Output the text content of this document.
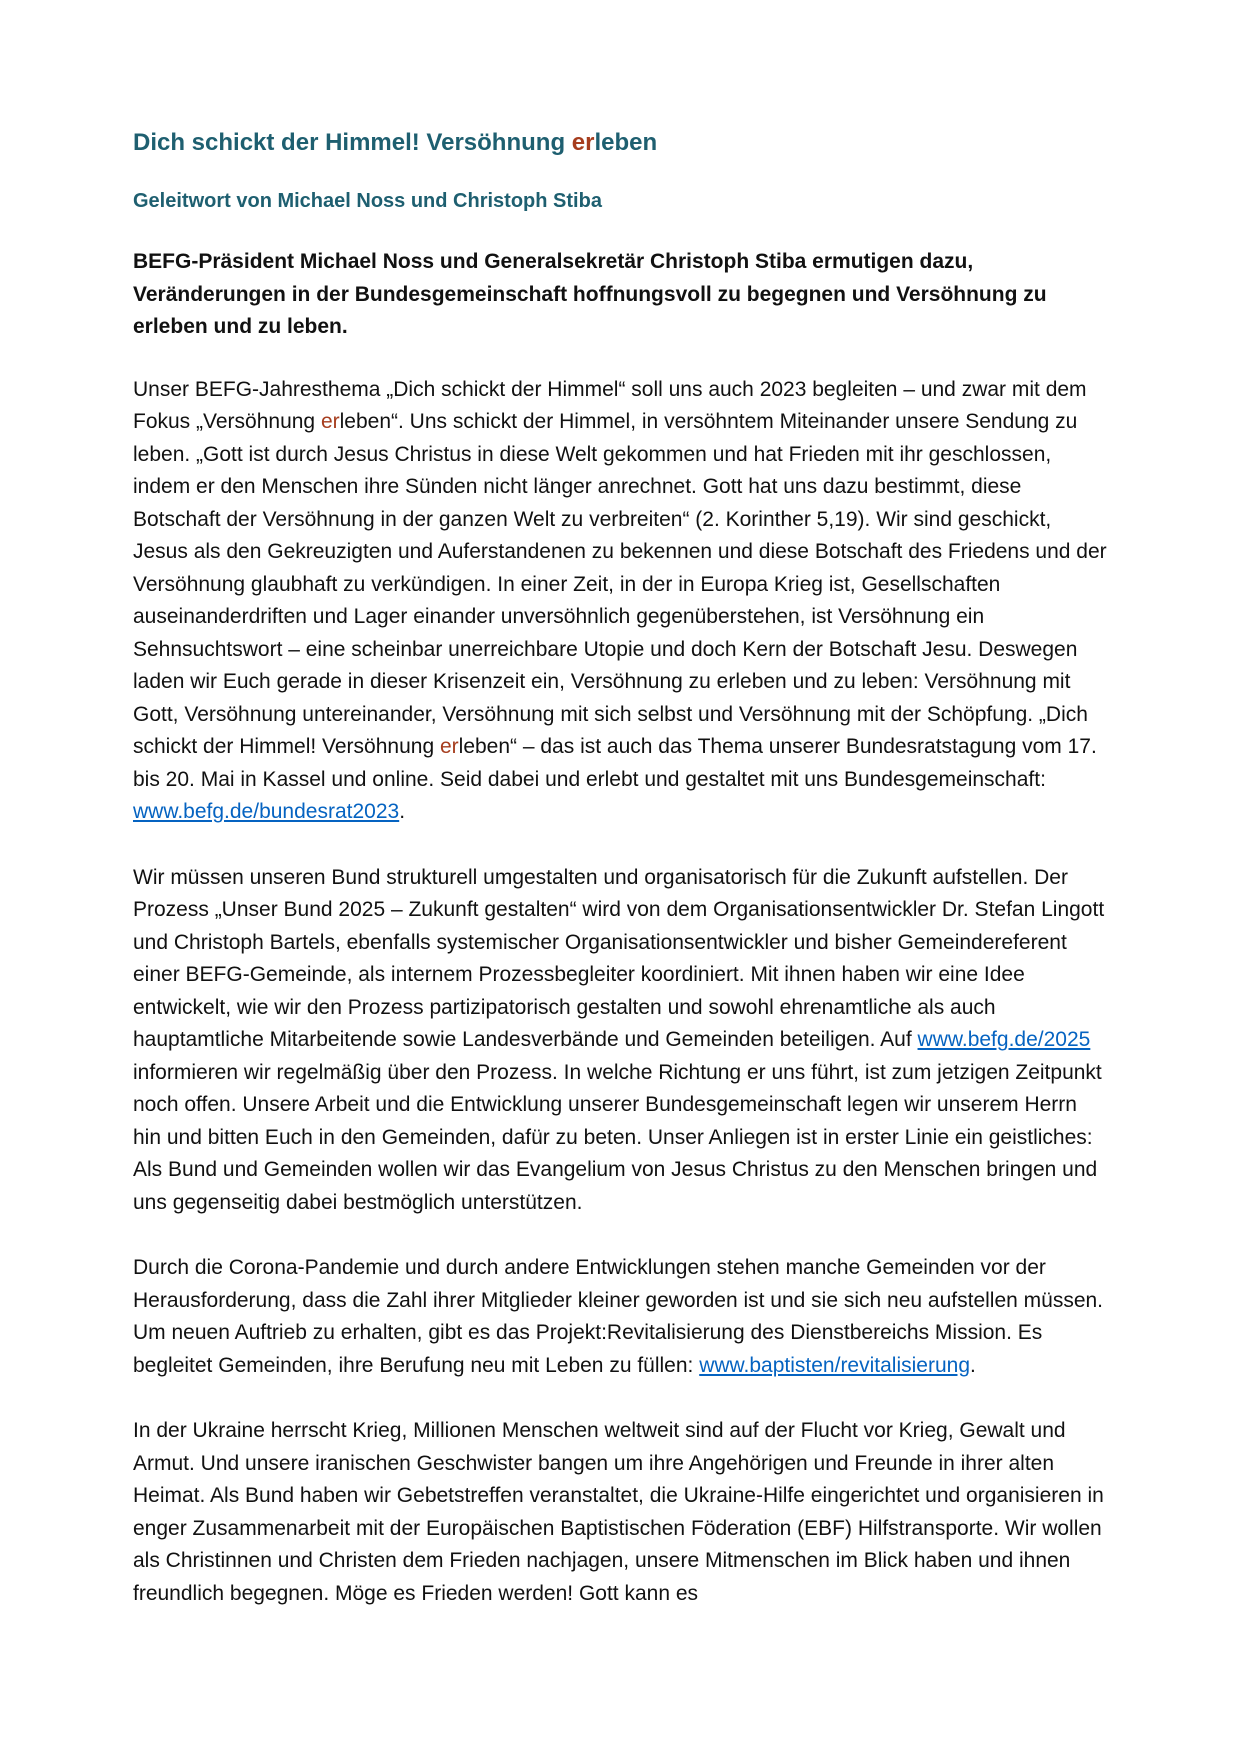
Dich schickt der Himmel! Versöhnung erleben
Geleitwort von Michael Noss und Christoph Stiba

BEFG-Präsident Michael Noss und Generalsekretär Christoph Stiba ermutigen dazu, Veränderungen in der Bundesgemeinschaft hoffnungsvoll zu begegnen und Versöhnung zu erleben und zu leben.

Unser BEFG-Jahresthema „Dich schickt der Himmel“ soll uns auch 2023 begleiten – und zwar mit dem Fokus „Versöhnung erleben“. Uns schickt der Himmel, in versöhntem Miteinander unsere Sendung zu leben. „Gott ist durch Jesus Christus in diese Welt gekommen und hat Frieden mit ihr geschlossen, indem er den Menschen ihre Sünden nicht länger anrechnet. Gott hat uns dazu bestimmt, diese Botschaft der Versöhnung in der ganzen Welt zu verbreiten“ (2. Korinther 5,19). Wir sind geschickt, Jesus als den Gekreuzigten und Auferstandenen zu bekennen und diese Botschaft des Friedens und der Versöhnung glaubhaft zu verkündigen. In einer Zeit, in der in Europa Krieg ist, Gesellschaften auseinanderdriften und Lager einander unversöhnlich gegenüberstehen, ist Versöhnung ein Sehnsuchtswort – eine scheinbar unerreichbare Utopie und doch Kern der Botschaft Jesu. Deswegen laden wir Euch gerade in dieser Krisenzeit ein, Versöhnung zu erleben und zu leben: Versöhnung mit Gott, Versöhnung untereinander, Versöhnung mit sich selbst und Versöhnung mit der Schöpfung. „Dich schickt der Himmel! Versöhnung erleben“ – das ist auch das Thema unserer Bundesratstagung vom 17. bis 20. Mai in Kassel und online. Seid dabei und erlebt und gestaltet mit uns Bundesgemeinschaft: www.befg.de/bundesrat2023.

Wir müssen unseren Bund strukturell umgestalten und organisatorisch für die Zukunft aufstellen. Der Prozess „Unser Bund 2025 – Zukunft gestalten“ wird von dem Organisationsentwickler Dr. Stefan Lingott und Christoph Bartels, ebenfalls systemischer Organisationsentwickler und bisher Gemeindereferent einer BEFG-Gemeinde, als internem Prozessbegleiter koordiniert. Mit ihnen haben wir eine Idee entwickelt, wie wir den Prozess partizipatorisch gestalten und sowohl ehrenamtliche als auch hauptamtliche Mitarbeitende sowie Landesverbände und Gemeinden beteiligen. Auf www.befg.de/2025 informieren wir regelmäßig über den Prozess. In welche Richtung er uns führt, ist zum jetzigen Zeitpunkt noch offen. Unsere Arbeit und die Entwicklung unserer Bundesgemeinschaft legen wir unserem Herrn hin und bitten Euch in den Gemeinden, dafür zu beten. Unser Anliegen ist in erster Linie ein geistliches: Als Bund und Gemeinden wollen wir das Evangelium von Jesus Christus zu den Menschen bringen und uns gegenseitig dabei bestmöglich unterstützen.

Durch die Corona-Pandemie und durch andere Entwicklungen stehen manche Gemeinden vor der Herausforderung, dass die Zahl ihrer Mitglieder kleiner geworden ist und sie sich neu aufstellen müssen. Um neuen Auftrieb zu erhalten, gibt es das Projekt:Revitalisierung des Dienstbereichs Mission. Es begleitet Gemeinden, ihre Berufung neu mit Leben zu füllen: www.baptisten/revitalisierung.

In der Ukraine herrscht Krieg, Millionen Menschen weltweit sind auf der Flucht vor Krieg, Gewalt und Armut. Und unsere iranischen Geschwister bangen um ihre Angehörigen und Freunde in ihrer alten Heimat. Als Bund haben wir Gebetstreffen veranstaltet, die Ukraine-Hilfe eingerichtet und organisieren in enger Zusammenarbeit mit der Europäischen Baptistischen Föderation (EBF) Hilfstransporte. Wir wollen als Christinnen und Christen dem Frieden nachjagen, unsere Mitmenschen im Blick haben und ihnen freundlich begegnen. Möge es Frieden werden! Gott kann es
